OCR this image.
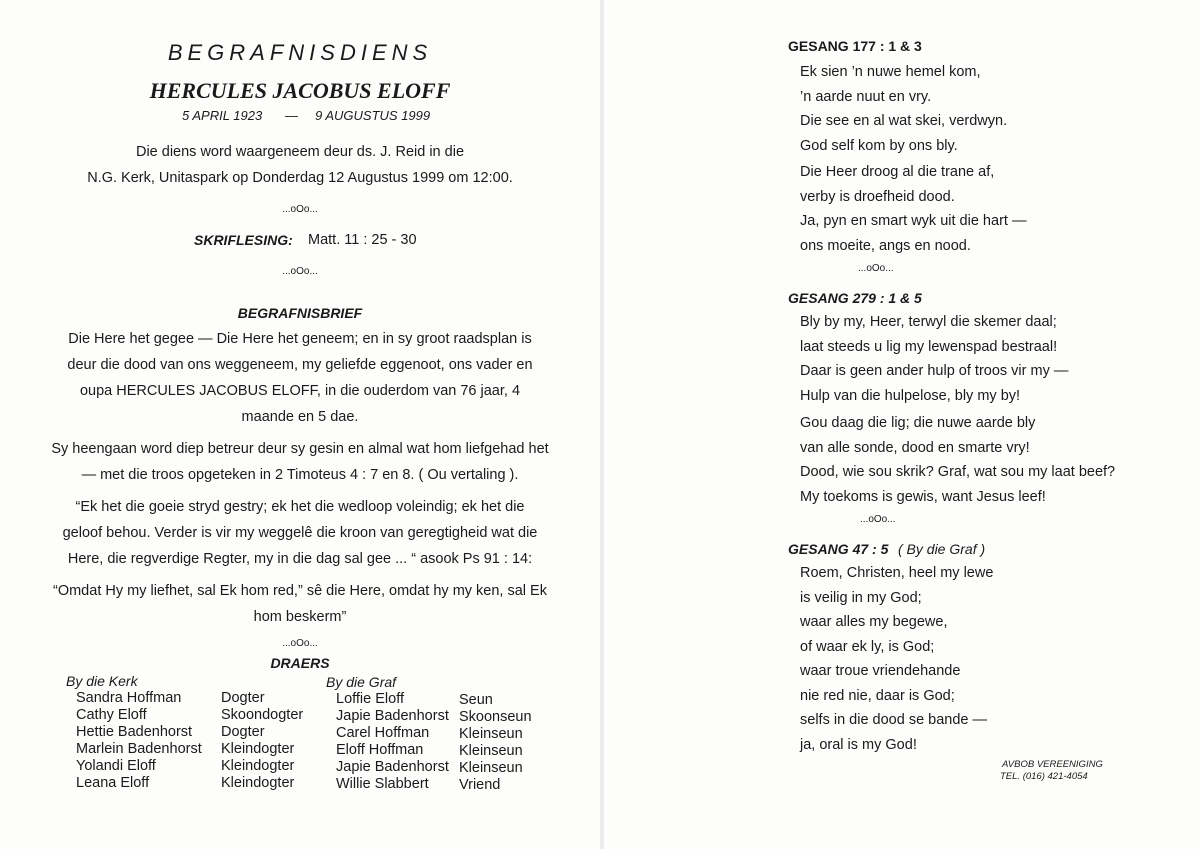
BEGRAFNISDIENS
HERCULES JACOBUS ELOFF
5 APRIL 1923 — 9 AUGUSTUS 1999
Die diens word waargeneem deur ds. J. Reid in die
N.G. Kerk, Unitaspark op Donderdag 12 Augustus 1999 om 12:00.
...oOo...
SKRIFLESING: Matt. 11 : 25 - 30
...oOo...
BEGRAFNISBRIEF
Die Here het gegee — Die Here het geneem; en in sy groot raadsplan is
deur die dood van ons weggeneem, my geliefde eggenoot, ons vader en
oupa HERCULES JACOBUS ELOFF, in die ouderdom van 76 jaar, 4
maande en 5 dae.
Sy heengaan word diep betreur deur sy gesin en almal wat hom liefgehad het
— met die troos opgeteken in 2 Timoteus 4 : 7 en 8. ( Ou vertaling ).
“Ek het die goeie stryd gestry; ek het die wedloop voleindig; ek het die
geloof behou. Verder is vir my weggelê die kroon van geregtigheid wat die
Here, die regverdige Regter, my in die dag sal gee ... “ asook Ps 91 : 14:
“Omdat Hy my liefhet, sal Ek hom red,” sê die Here, omdat hy my ken, sal Ek
hom beskerm”
...oOo...
DRAERS
By die Kerk	By die Graf
Sandra Hoffman
Cathy Eloff
Hettie Badenhorst
Marlein Badenhorst
Yolandi Eloff
Leana Eloff
Dogter
Skoondogter
Dogter
Kleindogter
Kleindogter
Kleindogter
Loffie Eloff
Japie Badenhorst
Carel Hoffman
Eloff Hoffman
Japie Badenhorst
Willie Slabbert
Seun
Skoonseun
Kleinseun
Kleinseun
Kleinseun
Vriend
GESANG 177 : 1 & 3
Ek sien ’n nuwe hemel kom,
’n aarde nuut en vry.
Die see en al wat skei, verdwyn.
God self kom by ons bly.
Die Heer droog al die trane af,
verby is droefheid dood.
Ja, pyn en smart wyk uit die hart —
ons moeite, angs en nood.
...oOo...
GESANG 279 : 1 & 5
Bly by my, Heer, terwyl die skemer daal;
laat steeds u lig my lewenspad bestraal!
Daar is geen ander hulp of troos vir my —
Hulp van die hulpelose, bly my by!
Gou daag die lig; die nuwe aarde bly
van alle sonde, dood en smarte vry!
Dood, wie sou skrik? Graf, wat sou my laat beef?
My toekoms is gewis, want Jesus leef!
...oOo...
GESANG 47 : 5 ( By die Graf )
Roem, Christen, heel my lewe
is veilig in my God;
waar alles my begewe,
of waar ek ly, is God;
waar troue vriendehande
nie red nie, daar is God;
selfs in die dood se bande —
ja, oral is my God!
AVBOB VEREENIGING
TEL. (016) 421-4054
